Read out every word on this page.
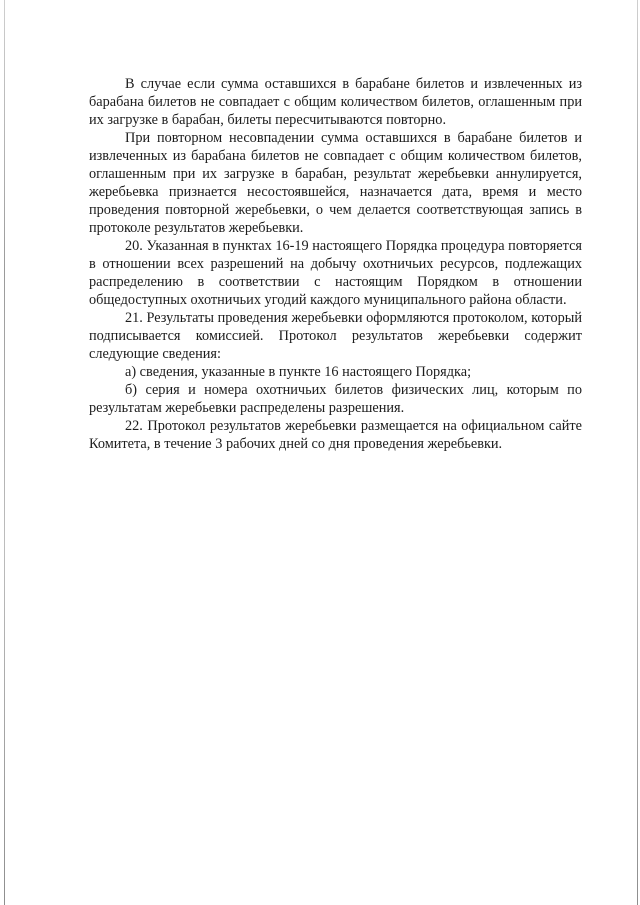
В случае если сумма оставшихся в барабане билетов и извлеченных из барабана билетов не совпадает с общим количеством билетов, оглашенным при их загрузке в барабан, билеты пересчитываются повторно.

При повторном несовпадении сумма оставшихся в барабане билетов и извлеченных из барабана билетов не совпадает с общим количеством билетов, оглашенным при их загрузке в барабан, результат жеребьевки аннулируется, жеребьевка признается несостоявшейся, назначается дата, время и место проведения повторной жеребьевки, о чем делается соответствующая запись в протоколе результатов жеребьевки.

20. Указанная в пунктах 16-19 настоящего Порядка процедура повторяется в отношении всех разрешений на добычу охотничьих ресурсов, подлежащих распределению в соответствии с настоящим Порядком в отношении общедоступных охотничьих угодий каждого муниципального района области.

21. Результаты проведения жеребьевки оформляются протоколом, который подписывается комиссией. Протокол результатов жеребьевки содержит следующие сведения:

а) сведения, указанные в пункте 16 настоящего Порядка;

б) серия и номера охотничьих билетов физических лиц, которым по результатам жеребьевки распределены разрешения.

22. Протокол результатов жеребьевки размещается на официальном сайте Комитета, в течение 3 рабочих дней со дня проведения жеребьевки.
